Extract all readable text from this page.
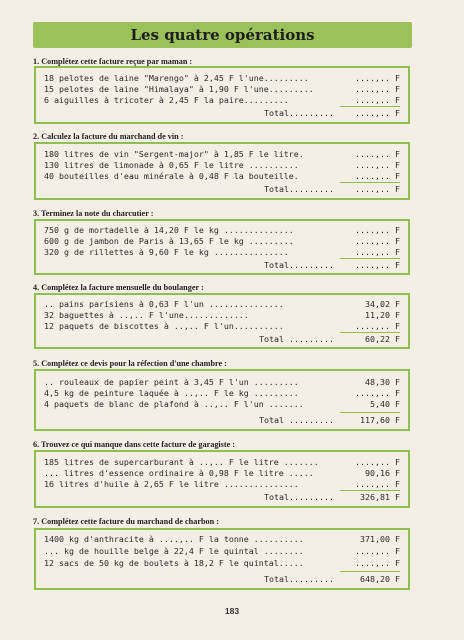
Les quatre opérations
1. Complétez cette facture reçue par maman :
18 pelotes de laine "Marengo" à 2,45 F l'une.........	....,.. F
15 pelotes de laine "Himalaya" à 1,90 F l'une.........	....,.. F
6 aiguilles à tricoter à 2,45 F la paire.........	....,.. F
Total.........	....,.. F
2. Calculez la facture du marchand de vin :
180 litres de vin "Sergent-major" à 1,85 F le litre.	....,.. F
130 litres de limonade à 0,65 F le litre ..........	....,.. F
40 bouteilles d'eau minérale à 0,48 F la bouteille.	....,.. F
Total.........	....,.. F
3. Terminez la note du charcutier :
750 g de mortadelle à 14,20 F le kg ..............	....,.. F
600 g de jambon de Paris à 13,65 F le kg .........	....,.. F
320 g de rillettes à 9,60 F le kg ...............	....,.. F
Total.........	....,.. F
4. Complétez la facture mensuelle du boulanger :
.. pains parisiens à 0,63 F l'un ...............	34,02 F
32 baguettes à ..,.. F l'une.............	11,20 F
12 paquets de biscottes à ..,.. F l'un..........	....,.. F
Total .........	60,22 F
5. Complétez ce devis pour la réfection d'une chambre :
.. rouleaux de papier peint à 3,45 F l'un .........	48,30 F
4,5 kg de peinture laquée à ..,.. F le kg .........	....,.. F
4 paquets de blanc de plafond à ..,.. F l'un .......	5,40 F
Total .........	117,60 F
6. Trouvez ce qui manque dans cette facture de garagiste :
185 litres de supercarburant à ..,.. F le litre .......	....,.. F
... litres d'essence ordinaire à 0,98 F le litre .....	90,16 F
16 litres d'huile à 2,65 F le litre ...............	....,.. F
Total.........	326,81 F
7. Complétez cette facture du marchand de charbon :
1400 kg d'anthracite à ....,.. F la tonne ..........	371,00 F
... kg de houille belge à 22,4 F le quintal ........	....,.. F
12 sacs de 50 kg de boulets à 18,2 F le quintal.....	....,.. F
Total.........	648,20 F
183
